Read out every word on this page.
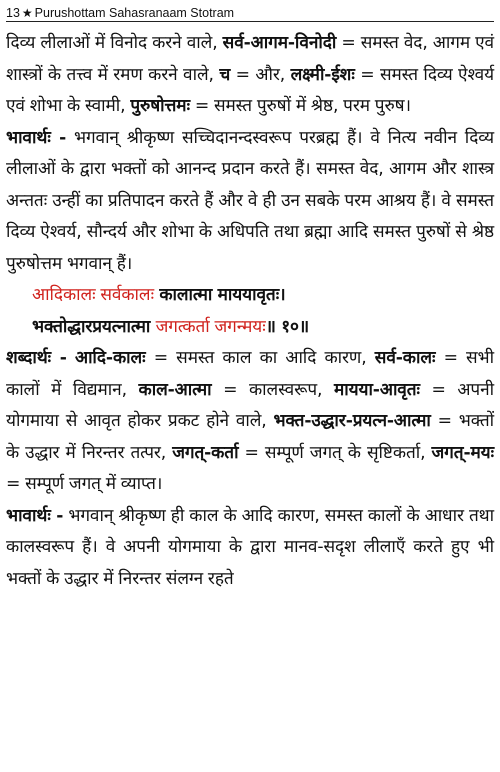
13 ★ Purushottam Sahasranaam Stotram

दिव्य लीलाओं में विनोद करने वाले, सर्व-आगम-विनोदी = समस्त वेद, आगम एवं शास्त्रों के तत्त्व में रमण करने वाले, च = और, लक्ष्मी-ईशः = समस्त दिव्य ऐश्वर्य एवं शोभा के स्वामी, पुरुषोत्तमः = समस्त पुरुषों में श्रेष्ठ, परम पुरुष।

भावार्थः - भगवान् श्रीकृष्ण सच्चिदानन्दस्वरूप परब्रह्म हैं। वे नित्य नवीन दिव्य लीलाओं के द्वारा भक्तों को आनन्द प्रदान करते हैं। समस्त वेद, आगम और शास्त्र अन्ततः उन्हीं का प्रतिपादन करते हैं और वे ही उन सबके परम आश्रय हैं। वे समस्त दिव्य ऐश्वर्य, सौन्दर्य और शोभा के अधिपति तथा ब्रह्मा आदि समस्त पुरुषों से श्रेष्ठ पुरुषोत्तम भगवान् हैं।

आदिकालः सर्वकालः कालात्मा माययावृतः।
भक्तोद्धारप्रयत्नात्मा जगत्कर्ता जगन्मयः॥ १०॥

शब्दार्थः - आदि-कालः = समस्त काल का आदि कारण, सर्व-कालः = सभी कालों में विद्यमान, काल-आत्मा = कालस्वरूप, मायया-आवृतः = अपनी योगमाया से आवृत होकर प्रकट होने वाले, भक्त-उद्धार-प्रयत्न-आत्मा = भक्तों के उद्धार में निरन्तर तत्पर, जगत्-कर्ता = सम्पूर्ण जगत् के सृष्टिकर्ता, जगत्-मयः = सम्पूर्ण जगत् में व्याप्त।

भावार्थः - भगवान् श्रीकृष्ण ही काल के आदि कारण, समस्त कालों के आधार तथा कालस्वरूप हैं। वे अपनी योगमाया के द्वारा मानव-सदृश लीलाएँ करते हुए भी भक्तों के उद्धार में निरन्तर संलग्न रहते
